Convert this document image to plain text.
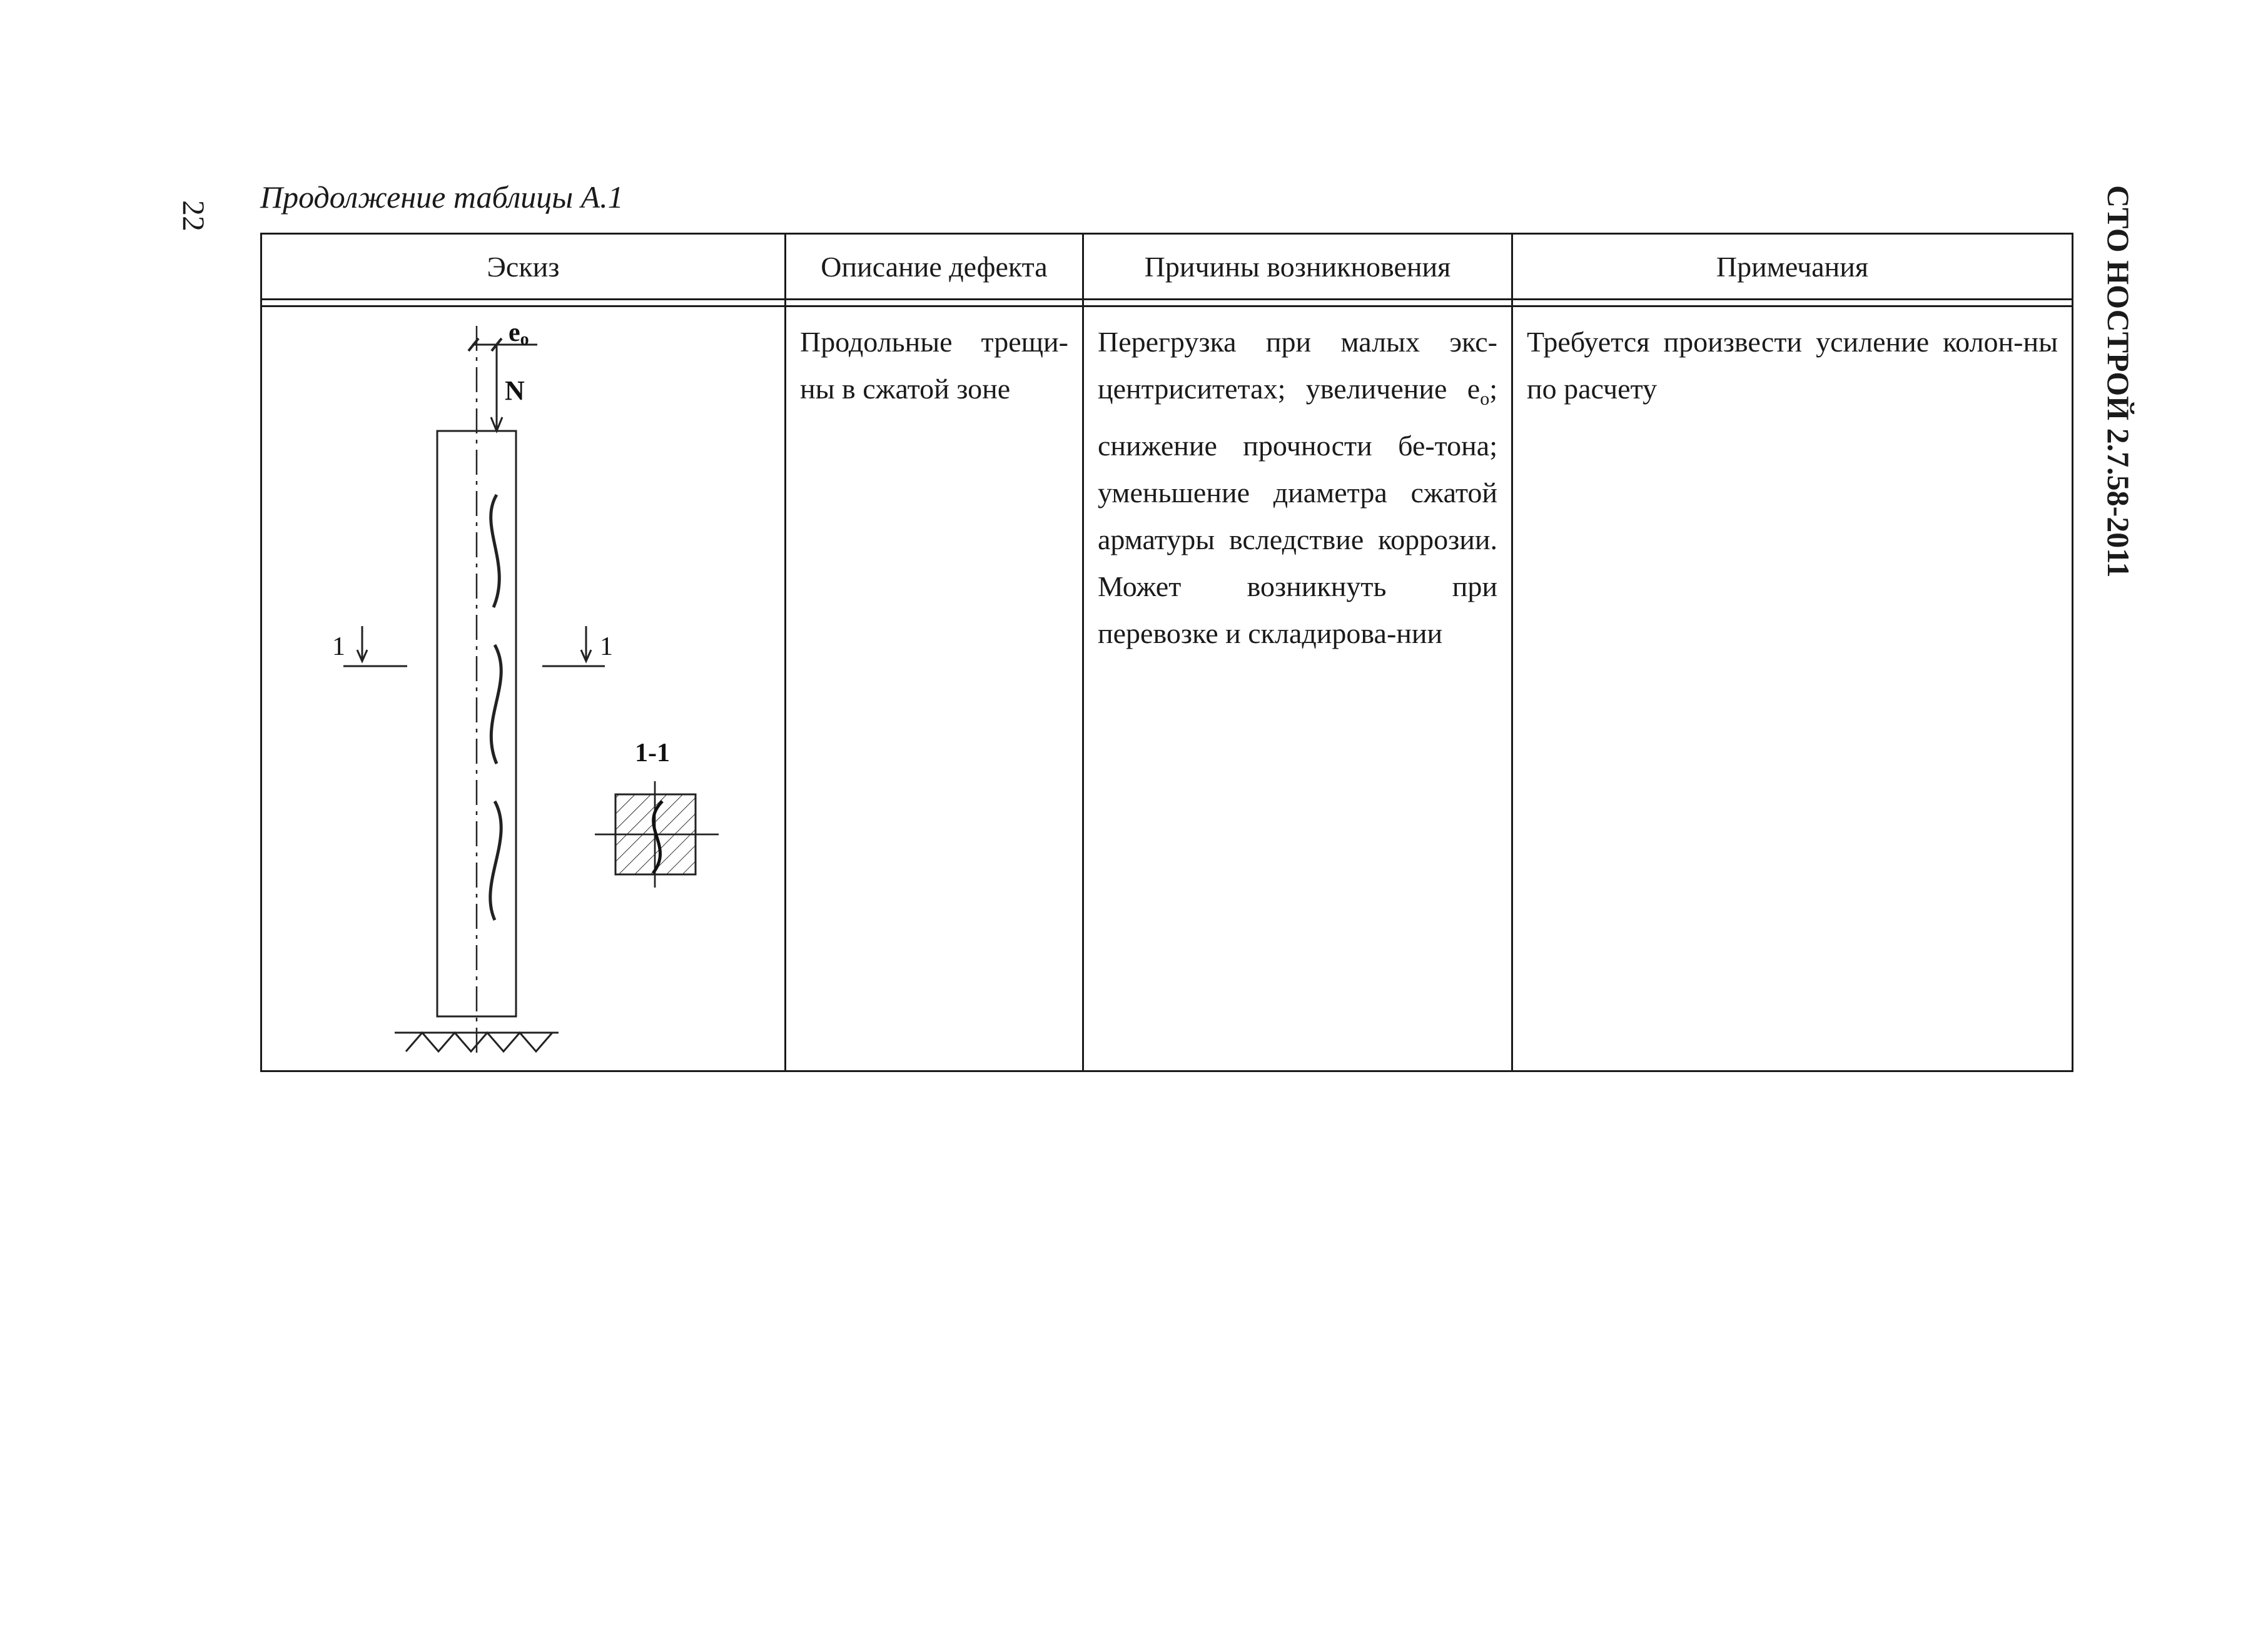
22
Продолжение таблицы А.1	СТО НОСТРОЙ 2.7.58-2011
Эскиз	Описание дефекта	Причины возникновения	Примечания

eо
N
1 1
1-1	Продольные трещи-ны в сжатой зоне	Перегрузка при малых экс-центриситетах; увеличение $e_о$; снижение прочности бе-тона; уменьшение диаметра сжатой арматуры вследствие коррозии. Может возникнуть при перевозке и складирова-нии	Требуется произвести усиление колон-ны по расчету
